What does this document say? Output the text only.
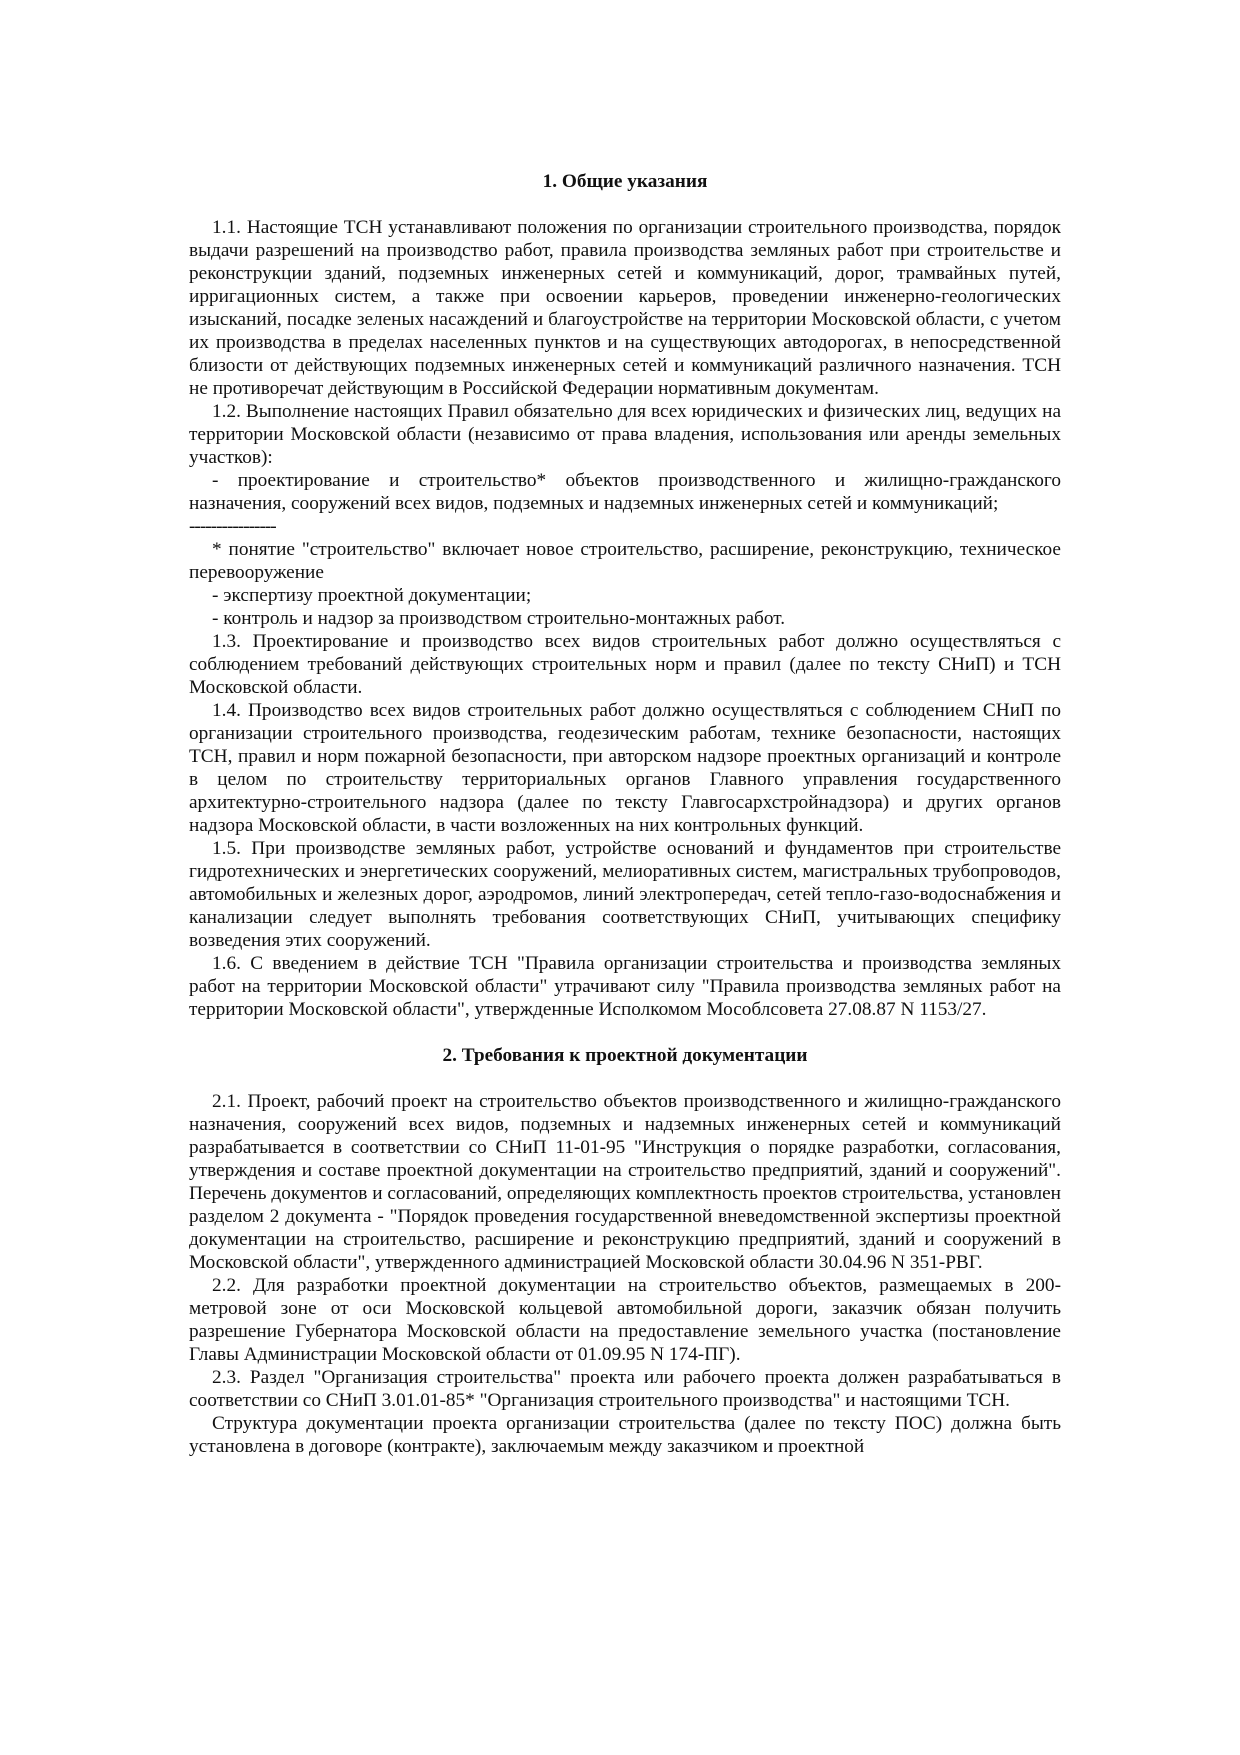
1. Общие указания

1.1. Настоящие ТСН устанавливают положения по организации строительного производства, порядок выдачи разрешений на производство работ, правила производства земляных работ при строительстве и реконструкции зданий, подземных инженерных сетей и коммуникаций, дорог, трамвайных путей, ирригационных систем, а также при освоении карьеров, проведении инженерно-геологических изысканий, посадке зеленых насаждений и благоустройстве на территории Московской области, с учетом их производства в пределах населенных пунктов и на существующих автодорогах, в непосредственной близости от действующих подземных инженерных сетей и коммуникаций различного назначения. ТСН не противоречат действующим в Российской Федерации нормативным документам.

1.2. Выполнение настоящих Правил обязательно для всех юридических и физических лиц, ведущих на территории Московской области (независимо от права владения, использования или аренды земельных участков):

- проектирование и строительство* объектов производственного и жилищно-гражданского назначения, сооружений всех видов, подземных и надземных инженерных сетей и коммуникаций;

----------------

* понятие "строительство" включает новое строительство, расширение, реконструкцию, техническое перевооружение

- экспертизу проектной документации;

- контроль и надзор за производством строительно-монтажных работ.

1.3. Проектирование и производство всех видов строительных работ должно осуществляться с соблюдением требований действующих строительных норм и правил (далее по тексту СНиП) и ТСН Московской области.

1.4. Производство всех видов строительных работ должно осуществляться с соблюдением СНиП по организации строительного производства, геодезическим работам, технике безопасности, настоящих ТСН, правил и норм пожарной безопасности, при авторском надзоре проектных организаций и контроле в целом по строительству территориальных органов Главного управления государственного архитектурно-строительного надзора (далее по тексту Главгосархстройнадзора) и других органов надзора Московской области, в части возложенных на них контрольных функций.

1.5. При производстве земляных работ, устройстве оснований и фундаментов при строительстве гидротехнических и энергетических сооружений, мелиоративных систем, магистральных трубопроводов, автомобильных и железных дорог, аэродромов, линий электропередач, сетей тепло-газо-водоснабжения и канализации следует выполнять требования соответствующих СНиП, учитывающих специфику возведения этих сооружений.

1.6. С введением в действие ТСН "Правила организации строительства и производства земляных работ на территории Московской области" утрачивают силу "Правила производства земляных работ на территории Московской области", утвержденные Исполкомом Мособлсовета 27.08.87 N 1153/27.

2. Требования к проектной документации

2.1. Проект, рабочий проект на строительство объектов производственного и жилищно-гражданского назначения, сооружений всех видов, подземных и надземных инженерных сетей и коммуникаций разрабатывается в соответствии со СНиП 11-01-95 "Инструкция о порядке разработки, согласования, утверждения и составе проектной документации на строительство предприятий, зданий и сооружений". Перечень документов и согласований, определяющих комплектность проектов строительства, установлен разделом 2 документа - "Порядок проведения государственной вневедомственной экспертизы проектной документации на строительство, расширение и реконструкцию предприятий, зданий и сооружений в Московской области", утвержденного администрацией Московской области 30.04.96 N 351-РВГ.

2.2. Для разработки проектной документации на строительство объектов, размещаемых в 200-метровой зоне от оси Московской кольцевой автомобильной дороги, заказчик обязан получить разрешение Губернатора Московской области на предоставление земельного участка (постановление Главы Администрации Московской области от 01.09.95 N 174-ПГ).

2.3. Раздел "Организация строительства" проекта или рабочего проекта должен разрабатываться в соответствии со СНиП 3.01.01-85* "Организация строительного производства" и настоящими ТСН.

Структура документации проекта организации строительства (далее по тексту ПОС) должна быть установлена в договоре (контракте), заключаемым между заказчиком и проектной
